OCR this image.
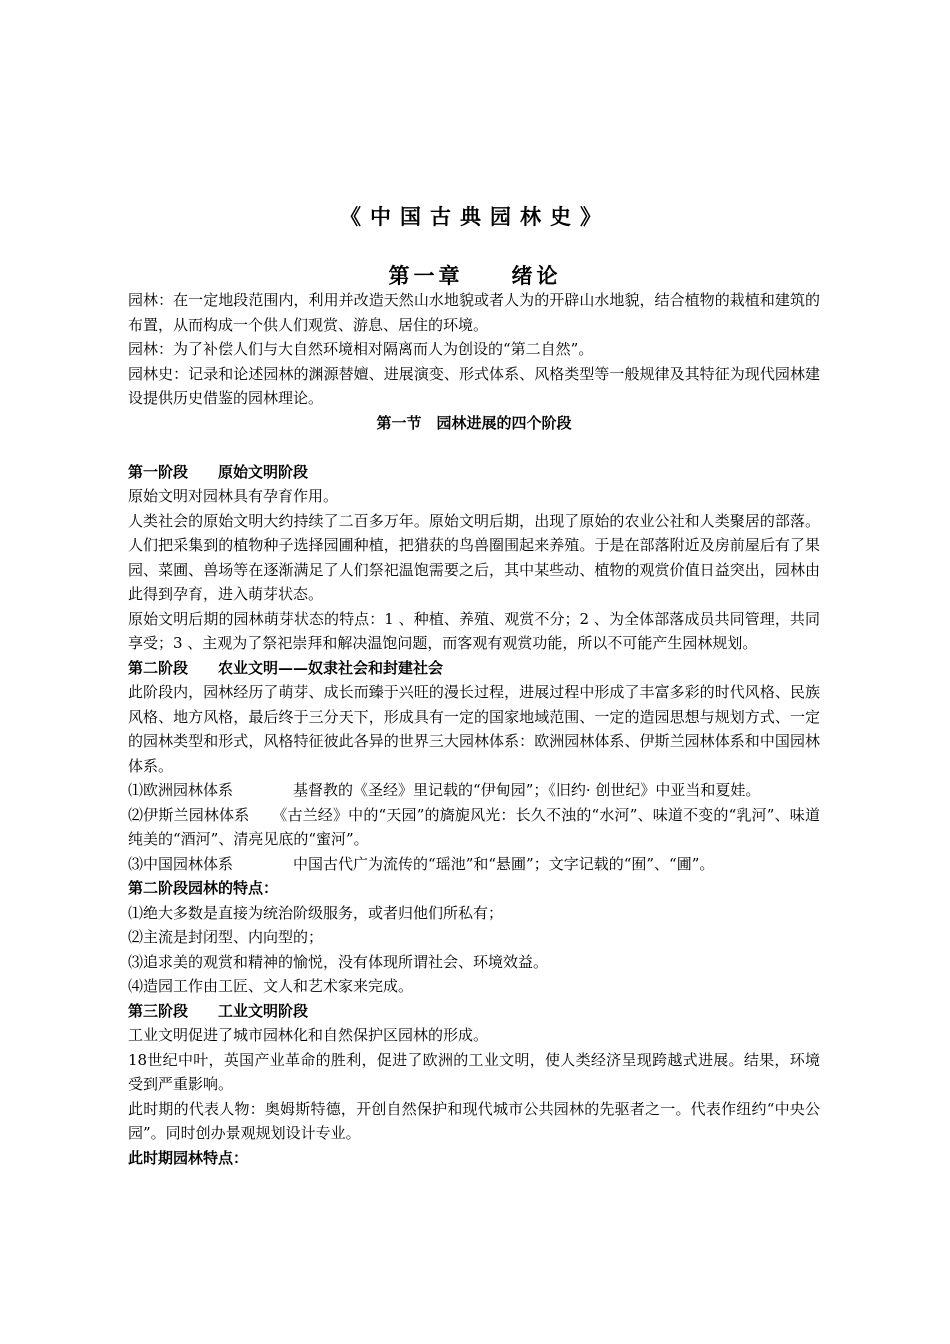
《中国古典园林史》
第一章 绪论

园林：在一定地段范围内，利用并改造天然山水地貌或者人为的开辟山水地貌，结合植物的栽植和建筑的布置，从而构成一个供人们观赏、游息、居住的环境。

园林：为了补偿人们与大自然环境相对隔离而人为创设的“第二自然”。

园林史：记录和论述园林的渊源替嬗、进展演变、形式体系、风格类型等一般规律及其特征为现代园林建设提供历史借鉴的园林理论。

第一节　园林进展的四个阶段

第一阶段　　原始文明阶段

原始文明对园林具有孕育作用。

人类社会的原始文明大约持续了二百多万年。原始文明后期，出现了原始的农业公社和人类聚居的部落。人们把采集到的植物种子选择园圃种植，把猎获的鸟兽圈围起来养殖。于是在部落附近及房前屋后有了果园、菜圃、兽场等在逐渐满足了人们祭祀温饱需要之后，其中某些动、植物的观赏价值日益突出，园林由此得到孕育，进入萌芽状态。

原始文明后期的园林萌芽状态的特点：1 、种植、养殖、观赏不分；2 、为全体部落成员共同管理，共同享受；3 、主观为了祭祀崇拜和解决温饱问题，而客观有观赏功能，所以不可能产生园林规划。

第二阶段　　农业文明——奴隶社会和封建社会

此阶段内，园林经历了萌芽、成长而臻于兴旺的漫长过程，进展过程中形成了丰富多彩的时代风格、民族风格、地方风格，最后终于三分天下，形成具有一定的国家地域范围、一定的造园思想与规划方式、一定的园林类型和形式，风格特征彼此各异的世界三大园林体系：欧洲园林体系、伊斯兰园林体系和中国园林体系。

⑴欧洲园林体系　　　　	基督教的《圣经》里记载的“伊甸园”；《旧约· 创世纪》中亚当和夏娃。

⑵伊斯兰园林体系　　 《古兰经》中的“天园”的旖旎风光：长久不浊的“水河”、味道不变的“乳河”、味道纯美的“酒河”、清亮见底的“蜜河”。

⑶中国园林体系　　　　	中国古代广为流传的“瑶池”和“悬圃”；文字记载的“囿”、“圃”。

第二阶段园林的特点：

⑴绝大多数是直接为统治阶级服务，或者归他们所私有；

⑵主流是封闭型、内向型的；

⑶追求美的观赏和精神的愉悦，没有体现所谓社会、环境效益。

⑷造园工作由工匠、文人和艺术家来完成。

第三阶段　　工业文明阶段

工业文明促进了城市园林化和自然保护区园林的形成。

18世纪中叶，英国产业革命的胜利，促进了欧洲的工业文明，使人类经济呈现跨越式进展。结果，环境受到严重影响。

此时期的代表人物：奥姆斯特德，开创自然保护和现代城市公共园林的先驱者之一。代表作纽约“中央公园”。同时创办景观规划设计专业。

此时期园林特点：
